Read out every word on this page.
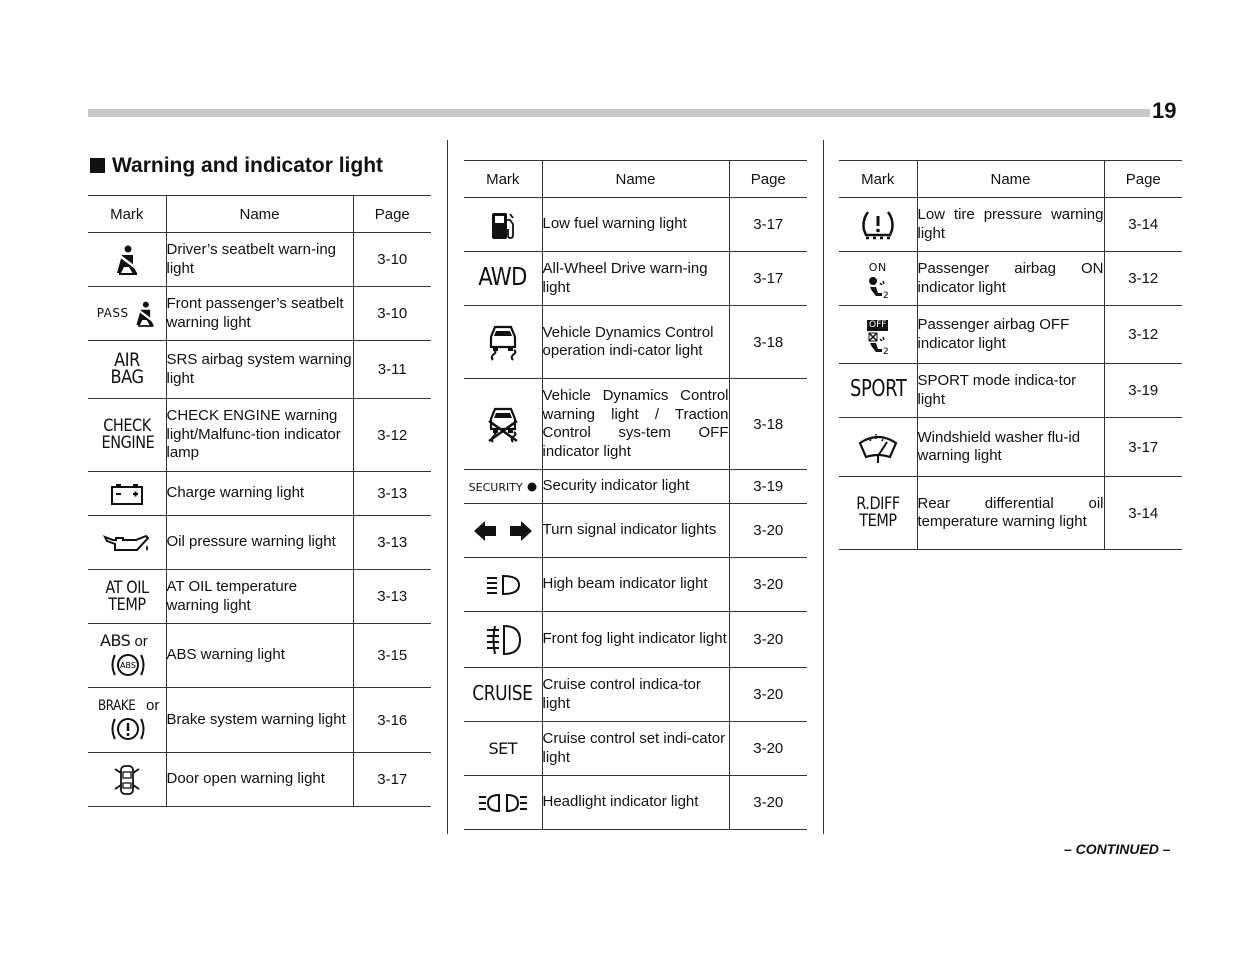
19
Warning and indicator light
Mark	Name	Page

	Driver’s seatbelt warn-ing light	3-10
PASS	Front passenger’s seatbelt warning light	3-10
AIR BAG	SRS airbag system warning light	3-11
CHECK ENGINE	CHECK ENGINE warning light/Malfunc-tion indicator lamp	3-12

	Charge warning light	3-13

	Oil pressure warning light	3-13
AT OIL TEMP	AT OIL temperature warning light	3-13

ABS or
ABS	ABS warning light	3-15

BRAKE or	Brake system warning light	3-16

	Door open warning light	3-17
Mark	Name	Page

	Low fuel warning light	3-17
AWD	All-Wheel Drive warn-ing light	3-17

	Vehicle Dynamics Control operation indi-cator light	3-18

	Vehicle Dynamics Control warning light / Traction Control sys-tem OFF indicator light	3-18
SECURITY	Security indicator light	3-19

	Turn signal indicator lights	3-20

	High beam indicator light	3-20

	Front fog light indicator light	3-20
CRUISE	Cruise control indica-tor light	3-20
SET	Cruise control set indi-cator light	3-20

	Headlight indicator light	3-20
Mark	Name	Page

	Low tire pressure warning light	3-14
ON
2	Passenger airbag ON indicator light	3-12
OFF
2	Passenger airbag OFF indicator light	3-12
SPORT	SPORT mode indica-tor light	3-19

	Windshield washer flu-id warning light	3-17
R.DIFF TEMP	Rear differential oil temperature warning light	3-14
– CONTINUED –
